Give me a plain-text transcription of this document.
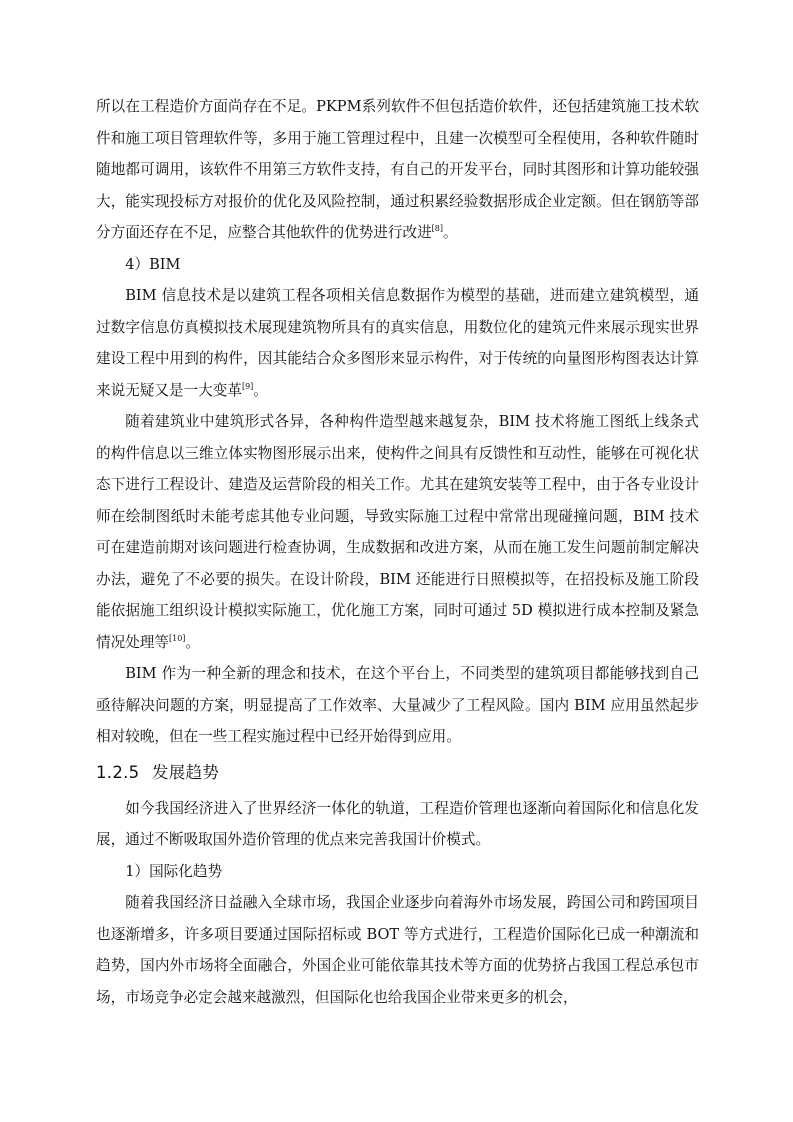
所以在工程造价方面尚存在不足。PKPM系列软件不但包括造价软件，还包括建筑施工技术软件和施工项目管理软件等，多用于施工管理过程中，且建一次模型可全程使用，各种软件随时随地都可调用，该软件不用第三方软件支持，有自己的开发平台，同时其图形和计算功能较强大，能实现投标方对报价的优化及风险控制，通过积累经验数据形成企业定额。但在钢筋等部分方面还存在不足，应整合其他软件的优势进行改进[8]。

4）BIM

BIM 信息技术是以建筑工程各项相关信息数据作为模型的基础，进而建立建筑模型，通过数字信息仿真模拟技术展现建筑物所具有的真实信息，用数位化的建筑元件来展示现实世界建设工程中用到的构件，因其能结合众多图形来显示构件，对于传统的向量图形构图表达计算来说无疑又是一大变革[9]。

随着建筑业中建筑形式各异，各种构件造型越来越复杂，BIM 技术将施工图纸上线条式的构件信息以三维立体实物图形展示出来，使构件之间具有反馈性和互动性，能够在可视化状态下进行工程设计、建造及运营阶段的相关工作。尤其在建筑安装等工程中，由于各专业设计师在绘制图纸时未能考虑其他专业问题，导致实际施工过程中常常出现碰撞问题，BIM 技术可在建造前期对该问题进行检查协调，生成数据和改进方案，从而在施工发生问题前制定解决办法，避免了不必要的损失。在设计阶段，BIM 还能进行日照模拟等，在招投标及施工阶段能依据施工组织设计模拟实际施工，优化施工方案，同时可通过 5D 模拟进行成本控制及紧急情况处理等[10]。

BIM 作为一种全新的理念和技术，在这个平台上，不同类型的建筑项目都能够找到自己亟待解决问题的方案，明显提高了工作效率、大量减少了工程风险。国内 BIM 应用虽然起步相对较晚，但在一些工程实施过程中已经开始得到应用。

1.2.5 发展趋势

如今我国经济进入了世界经济一体化的轨道，工程造价管理也逐渐向着国际化和信息化发展，通过不断吸取国外造价管理的优点来完善我国计价模式。

1）国际化趋势

随着我国经济日益融入全球市场，我国企业逐步向着海外市场发展，跨国公司和跨国项目也逐渐增多，许多项目要通过国际招标或 BOT 等方式进行，工程造价国际化已成一种潮流和趋势，国内外市场将全面融合，外国企业可能依靠其技术等方面的优势挤占我国工程总承包市场，市场竞争必定会越来越激烈，但国际化也给我国企业带来更多的机会，
